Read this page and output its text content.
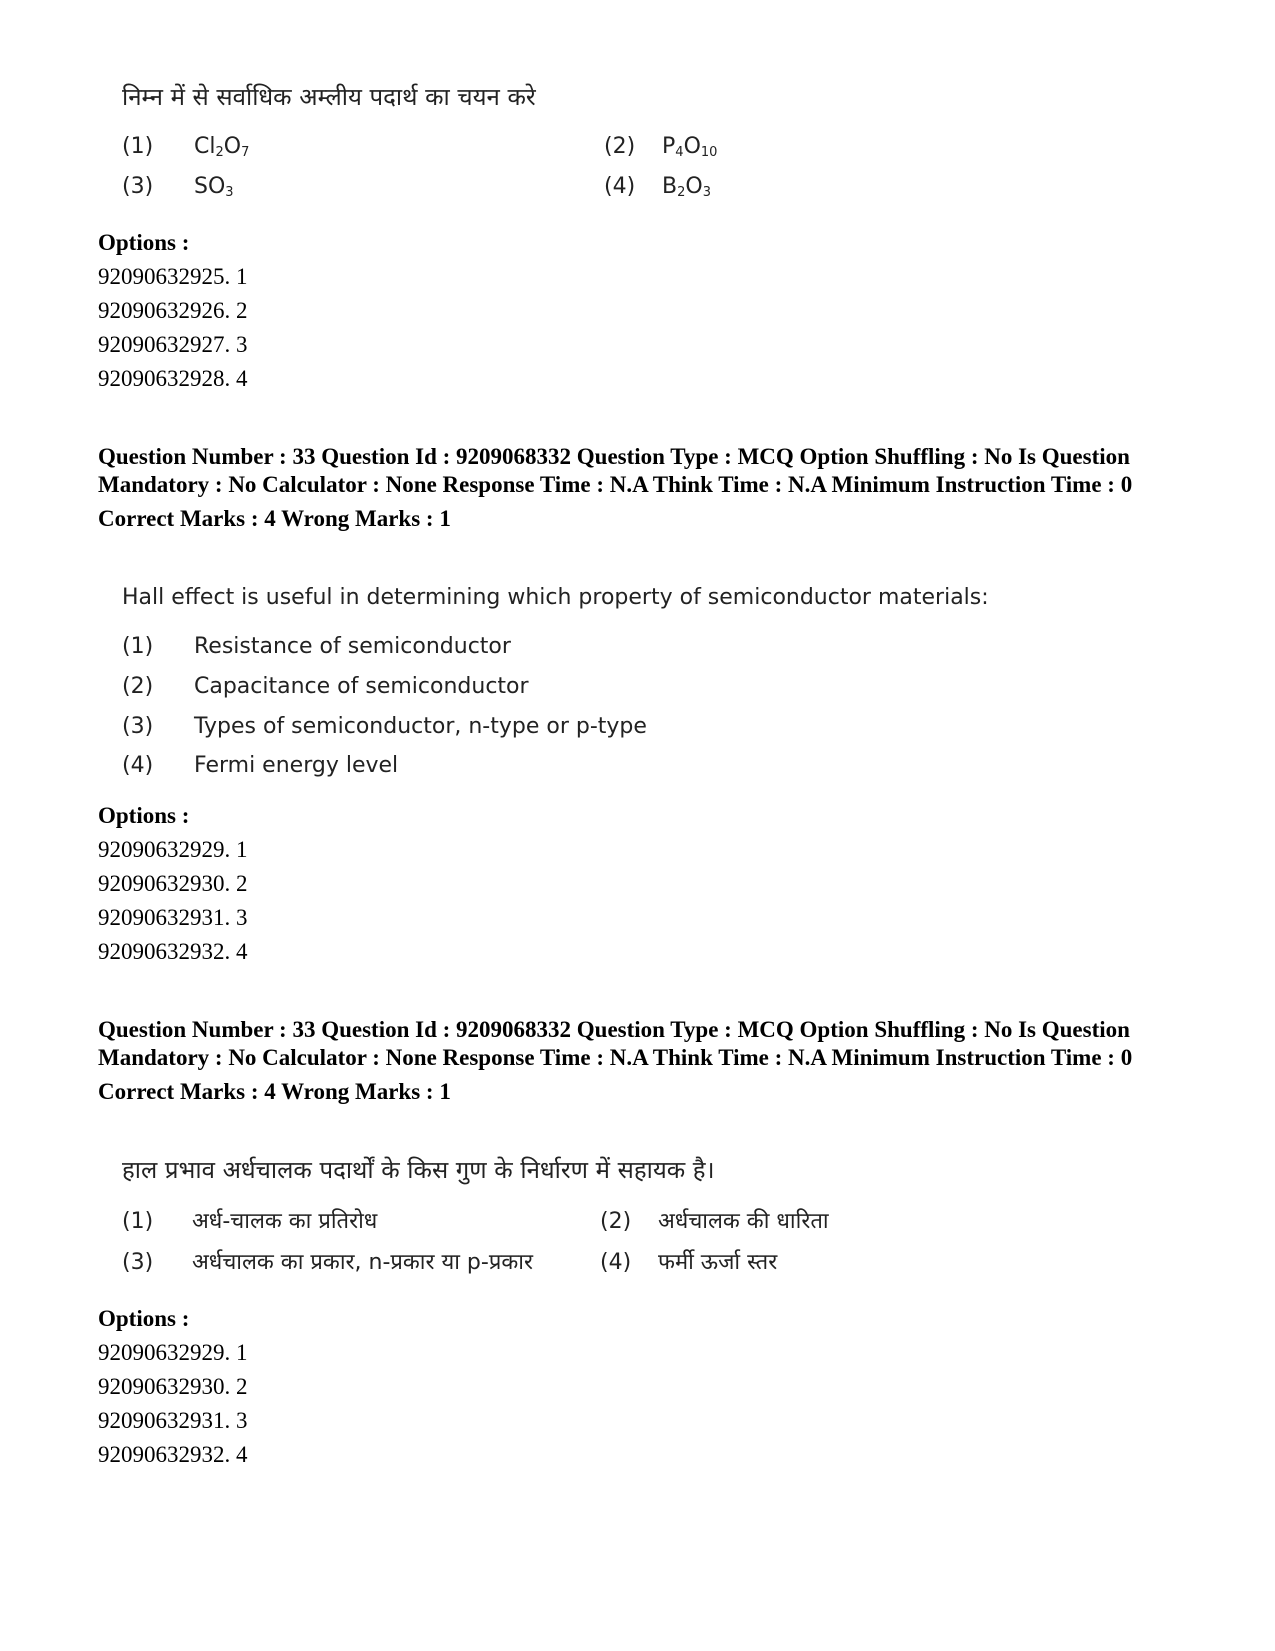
निम्न में से सर्वाधिक अम्लीय पदार्थ का चयन करे

(1) $Cl_2O_7$	(2) $P_4O_{10}$
(3) $SO_3$	(4) $B_2O_3$
Options :
92090632925. 1
92090632926. 2
92090632927. 3
92090632928. 4
Question Number : 33 Question Id : 9209068332 Question Type : MCQ Option Shuffling : No Is Question Mandatory : No Calculator : None Response Time : N.A Think Time : N.A Minimum Instruction Time : 0
Correct Marks : 4 Wrong Marks : 1

Hall effect is useful in determining which property of semiconductor materials:

(1) Resistance of semiconductor
(2) Capacitance of semiconductor
(3) Types of semiconductor, n-type or p-type
(4) Fermi energy level
Options :
92090632929. 1
92090632930. 2
92090632931. 3
92090632932. 4
Question Number : 33 Question Id : 9209068332 Question Type : MCQ Option Shuffling : No Is Question Mandatory : No Calculator : None Response Time : N.A Think Time : N.A Minimum Instruction Time : 0
Correct Marks : 4 Wrong Marks : 1

हाल प्रभाव अर्धचालक पदार्थों के किस गुण के निर्धारण में सहायक है।

(1) अर्ध-चालक का प्रतिरोध	(2) अर्धचालक की धारिता
(3) अर्धचालक का प्रकार, n-प्रकार या p-प्रकार	(4) फर्मी ऊर्जा स्तर
Options :
92090632929. 1
92090632930. 2
92090632931. 3
92090632932. 4
